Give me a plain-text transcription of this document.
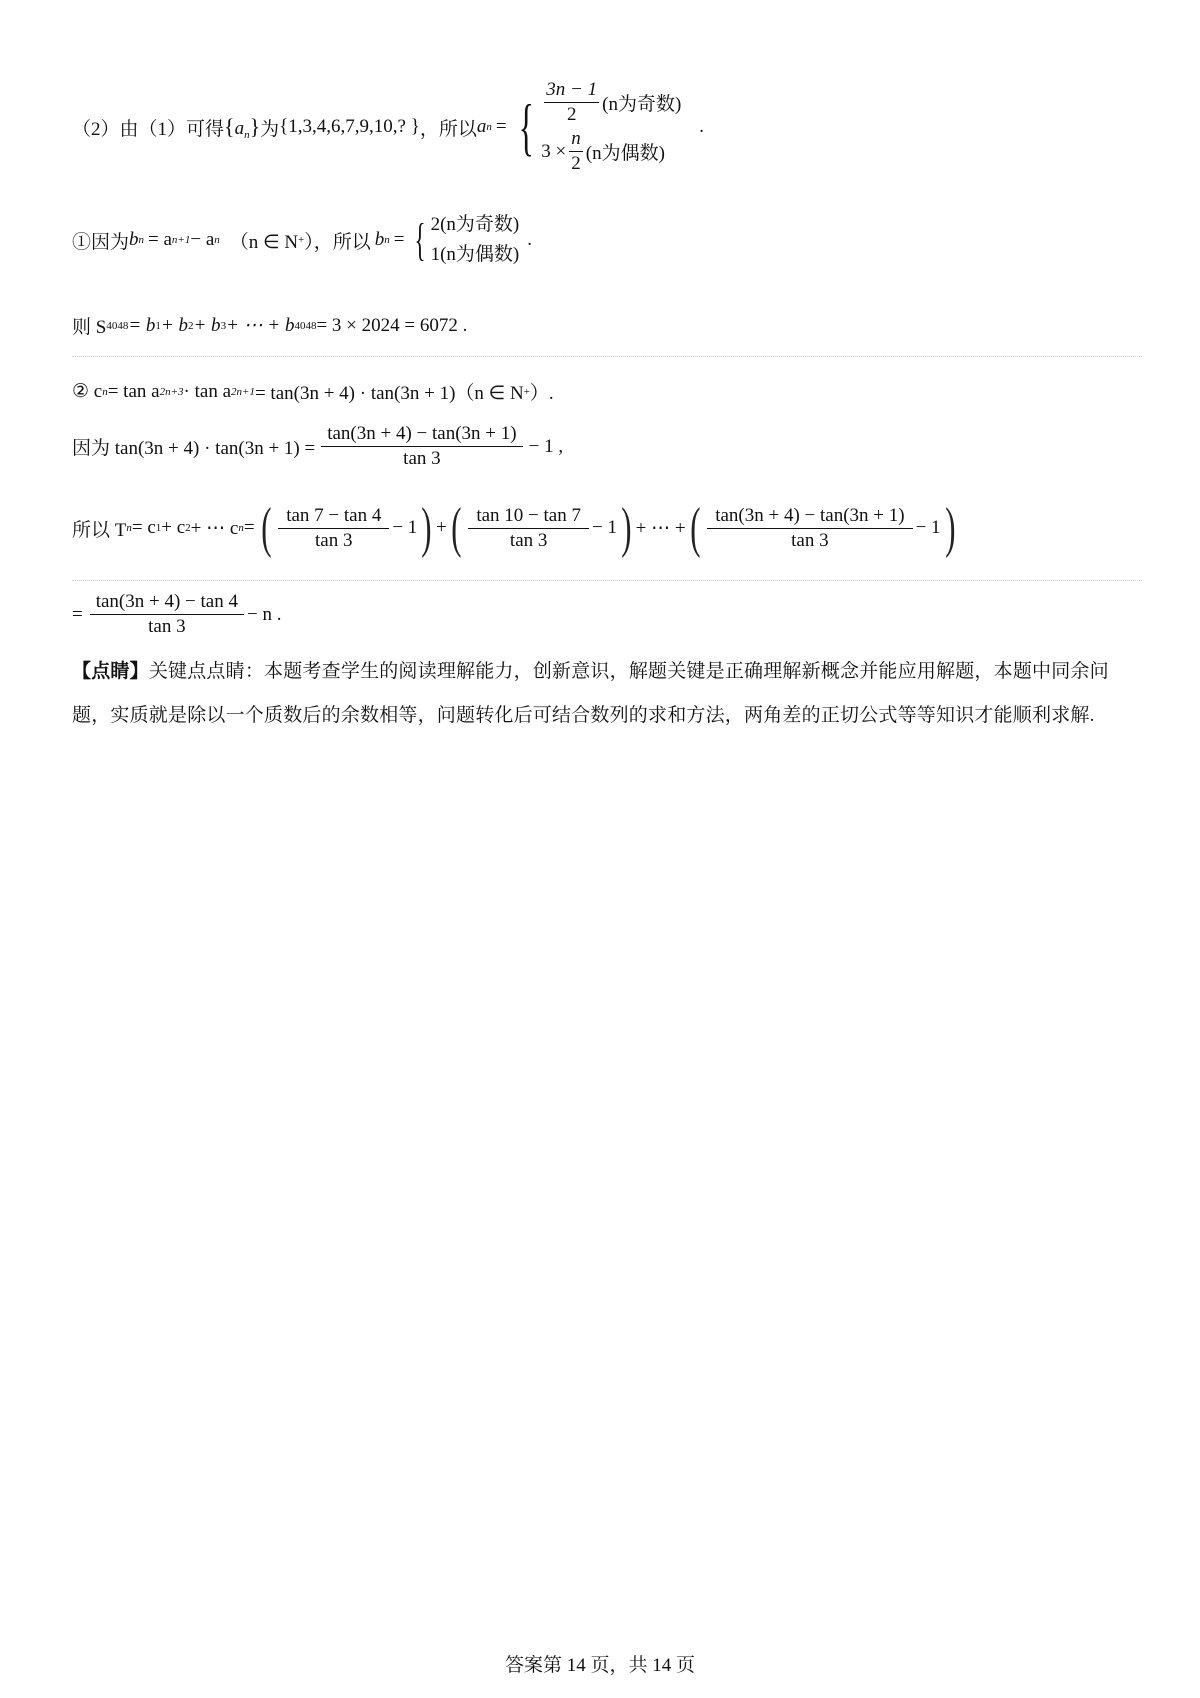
（2）由（1）可得 $\{a_n\}$ 为 {1,3,4,6,7,9,10,? } ，所以 a n = { $\frac{3n - 1}{2} (n$为奇数)
$3 \times \frac{n}{2} (n$为偶数)
.
①因为 b n = a n+1 − a n （n ∈ N + ），所以 b n = { 2(n为奇数)
1(n为偶数)
.
则 S 4048 = b 1 + b 2 + b 3 + ⋯ + b 4048 = 3 × 2024 = 6072 .
② c n = tan a 2n+3 · tan a 2n+1 = tan(3n + 4) · tan(3n + 1)（n ∈ N + ）.
因为 $\tan(3n + 4) \cdot \tan(3n + 1) = \frac{\tan(3n + 4) - \tan(3n + 1)}{\tan 3} - 1$ ,
所以 T n = c 1 + c 2 + ⋯ c n = ( $\frac{\tan 7 - \tan 4}{\tan 3} - 1$ ) + ( $\frac{\tan 10 - \tan 7}{\tan 3} - 1$ ) + ⋯ + ( $\frac{\tan(3n + 4) - \tan(3n + 1)}{\tan 3} - 1$ )
= $\frac{\tan(3n + 4) - \tan 4}{\tan 3} - n$ .
【点睛】关键点点睛：本题考查学生的阅读理解能力，创新意识，解题关键是正确理解新概念并能应用解题，本题中同余问题，实质就是除以一个质数后的余数相等，问题转化后可结合数列的求和方法，两角差的正切公式等等知识才能顺利求解.
答案第 14 页，共 14 页
